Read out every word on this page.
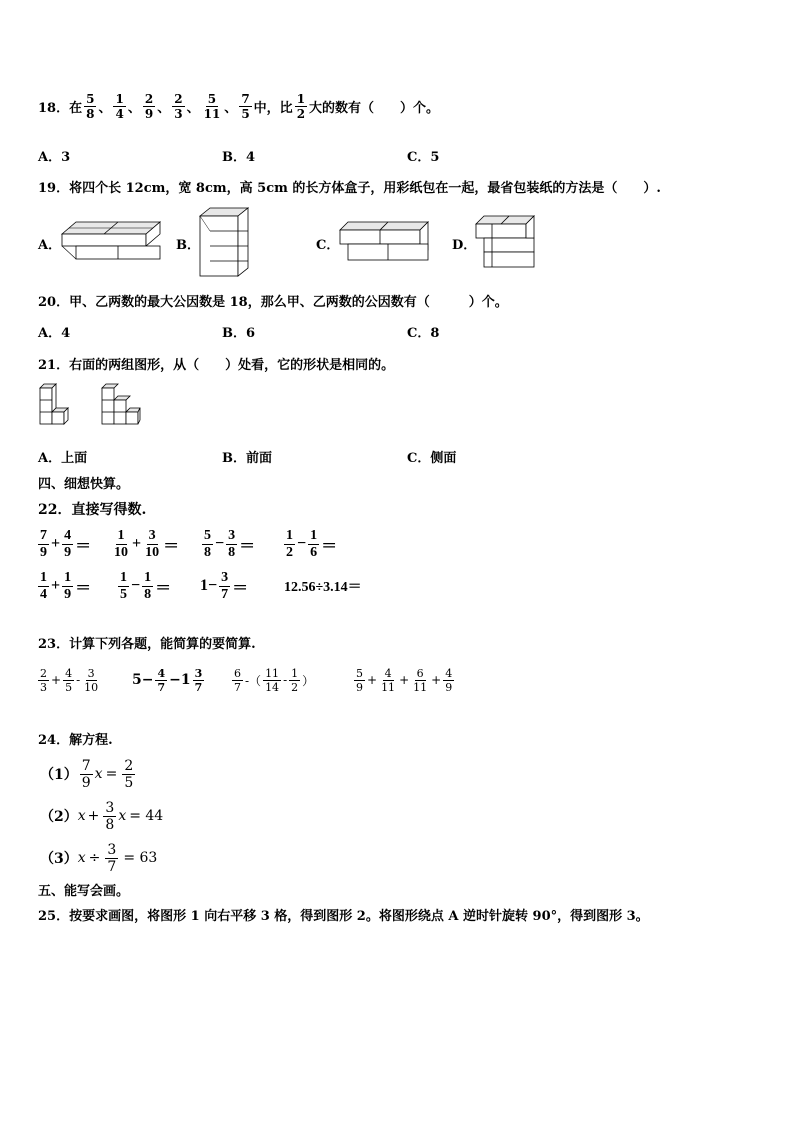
18．在 $\frac{5}{8}$ 、 $\frac{1}{4}$ 、 $\frac{2}{9}$ 、 $\frac{2}{3}$ 、 $\frac{5}{11}$ 、 $\frac{7}{5}$ 中，比 $\frac{1}{2}$ 大的数有（　　）个。
A．3	B．4	C．5
19．将四个长 12cm，宽 8cm，高 5cm 的长方体盒子，用彩纸包在一起，最省包装纸的方法是（　　）.
A．	B．	C．	D．
20．甲、乙两数的最大公因数是 18，那么甲、乙两数的公因数有（　　　）个。
A．4	B．6	C．8
21．右面的两组图形，从（　　）处看，它的形状是相同的。
A．上面	B．前面	C．侧面
四、细想快算。
22．直接写得数.
$\frac{7}{9} + \frac{4}{9} = \frac{1}{10} + \frac{3}{10} = \frac{5}{8} - \frac{3}{8} = \frac{1}{2} - \frac{1}{6}$ ＝
$\frac{1}{4} + \frac{1}{9} = \frac{1}{5} - \frac{1}{8} = 1 - \frac{3}{7}$ ＝	12.56÷3.14＝
23．计算下列各题，能简算的要简算.
$\frac{2}{3} + \frac{4}{5} - \frac{3}{10} 5 - \frac{4}{7} - 1 \frac{3}{7}$	$\frac{6}{7}$ -（ $\frac{11}{14} - \frac{1}{2}$ ）	$\frac{5}{9} + \frac{4}{11} + \frac{6}{11} + \frac{4}{9}$
24．解方程.
$(1) \frac{7}{9}$ $x = \frac{2}{5}$
（2） $x + \frac{3}{8}$ x = 44
（3） $x \div \frac{3}{7} = 63$
五、能写会画。
25．按要求画图，将图形 1 向右平移 3 格，得到图形 2。将图形绕点 A 逆时针旋转 90°，得到图形 3。
